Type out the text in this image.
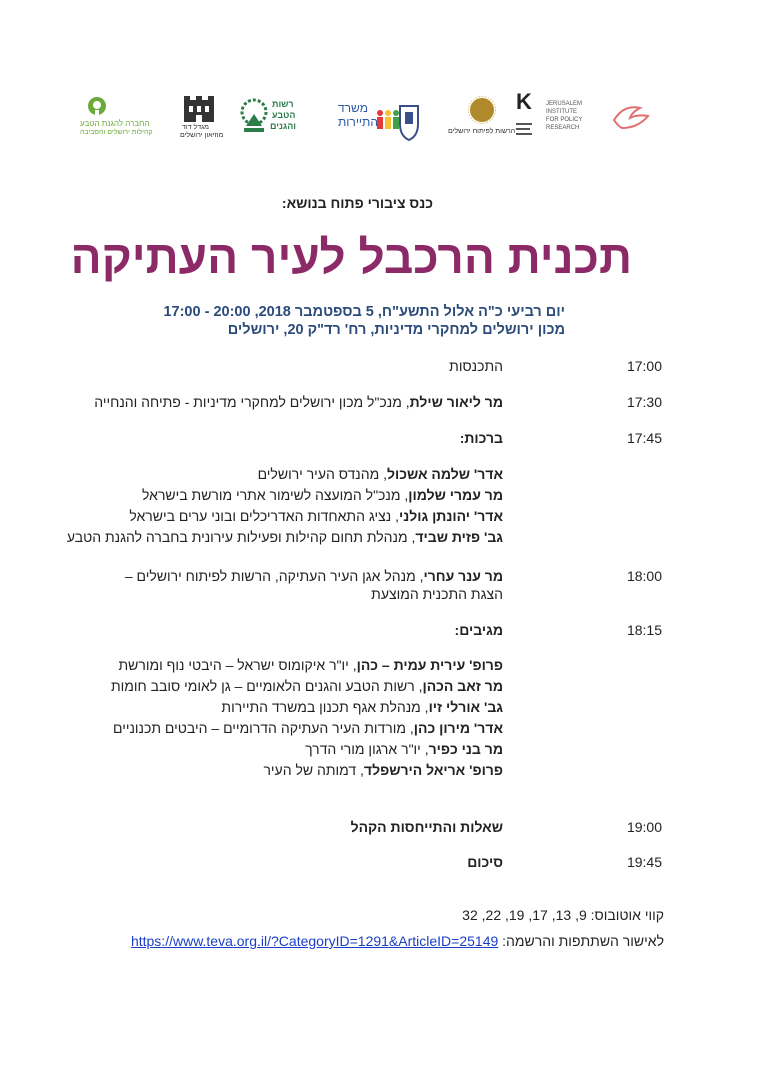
החברה להגנת הטבע
קהילות ירושלים והסביבה
מגדל דוד
מוזיאון ירושלים
רשות
הטבע
והגנים
משרד
התיירות
הרשות לפיתוח ירושלים
K JERUSALEM
INSTITUTE
FOR POLICY
RESEARCH
כנס ציבורי פתוח בנושא:
תכנית הרכבל לעיר העתיקה
יום רביעי כ"ה אלול התשע"ח, 5 בספטמבר 2018, 20:00 - 17:00
מכון ירושלים למחקרי מדיניות, רח' רד"ק 20, ירושלים
17:00
התכנסות
17:30
מר ליאור שילת, מנכ"ל מכון ירושלים למחקרי מדיניות - פתיחה והנחייה
17:45
ברכות:
אדר' שלמה אשכול, מהנדס העיר ירושלים
מר עמרי שלמון, מנכ"ל המועצה לשימור אתרי מורשת בישראל
אדר' יהונתן גולני, נציג התאחדות האדריכלים ובוני ערים בישראל
גב' פזית שביד, מנהלת תחום קהילות ופעילות עירונית בחברה להגנת הטבע
18:00
מר ענר עחרי, מנהל אגן העיר העתיקה, הרשות לפיתוח ירושלים –
הצגת התכנית המוצעת
18:15
מגיבים:
פרופ' עירית עמית – כהן, יו"ר איקומוס ישראל – היבטי נוף ומורשת
מר זאב הכהן, רשות הטבע והגנים הלאומיים – גן לאומי סובב חומות
גב' אורלי זיו, מנהלת אגף תכנון במשרד התיירות
אדר' מירון כהן, מורדות העיר העתיקה הדרומיים – היבטים תכנוניים
מר בני כפיר, יו"ר ארגון מורי הדרך
פרופ' אריאל הירשפלד, דמותה של העיר
19:00
שאלות והתייחסות הקהל
19:45
סיכום
קווי אוטובוס: 9, 13, 17, 19, 22, 32
לאישור השתתפות והרשמה: https://www.teva.org.il/?CategoryID=1291&ArticleID=25149
